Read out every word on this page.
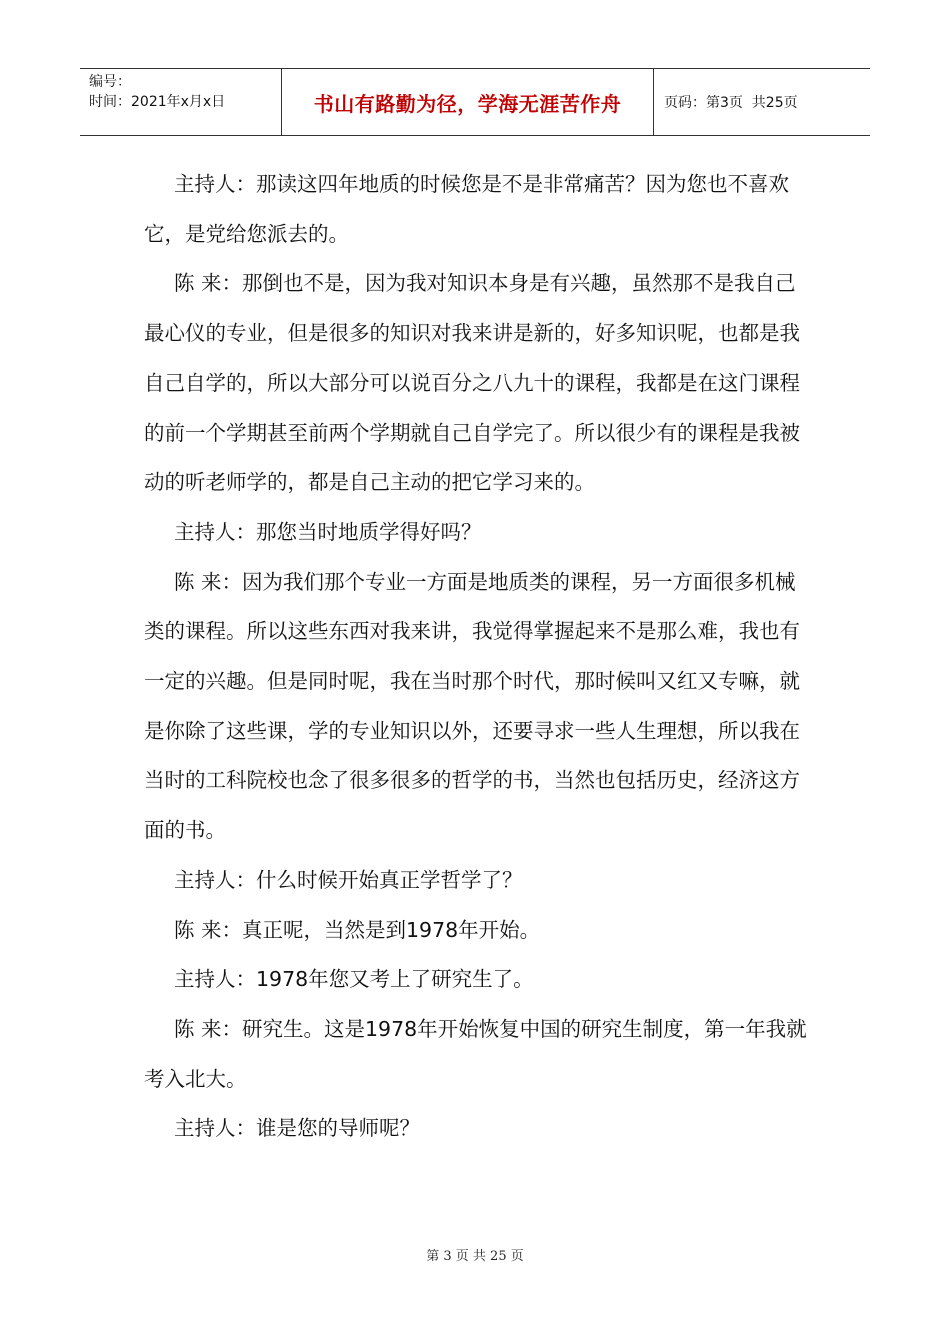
编号：
时间：2021年x月x日	书山有路勤为径，学海无涯苦作舟	页码：第3页  共25页

主持人：那读这四年地质的时候您是不是非常痛苦？因为您也不喜欢它，是党给您派去的。

陈 来：那倒也不是，因为我对知识本身是有兴趣，虽然那不是我自己最心仪的专业，但是很多的知识对我来讲是新的，好多知识呢，也都是我自己自学的，所以大部分可以说百分之八九十的课程，我都是在这门课程的前一个学期甚至前两个学期就自己自学完了。所以很少有的课程是我被动的听老师学的，都是自己主动的把它学习来的。

主持人：那您当时地质学得好吗？

陈 来：因为我们那个专业一方面是地质类的课程，另一方面很多机械类的课程。所以这些东西对我来讲，我觉得掌握起来不是那么难，我也有一定的兴趣。但是同时呢，我在当时那个时代，那时候叫又红又专嘛，就是你除了这些课，学的专业知识以外，还要寻求一些人生理想，所以我在当时的工科院校也念了很多很多的哲学的书，当然也包括历史，经济这方面的书。

主持人：什么时候开始真正学哲学了？

陈 来：真正呢，当然是到1978年开始。

主持人：1978年您又考上了研究生了。

陈 来：研究生。这是1978年开始恢复中国的研究生制度，第一年我就考入北大。

主持人：谁是您的导师呢？

第 3 页 共 25 页
